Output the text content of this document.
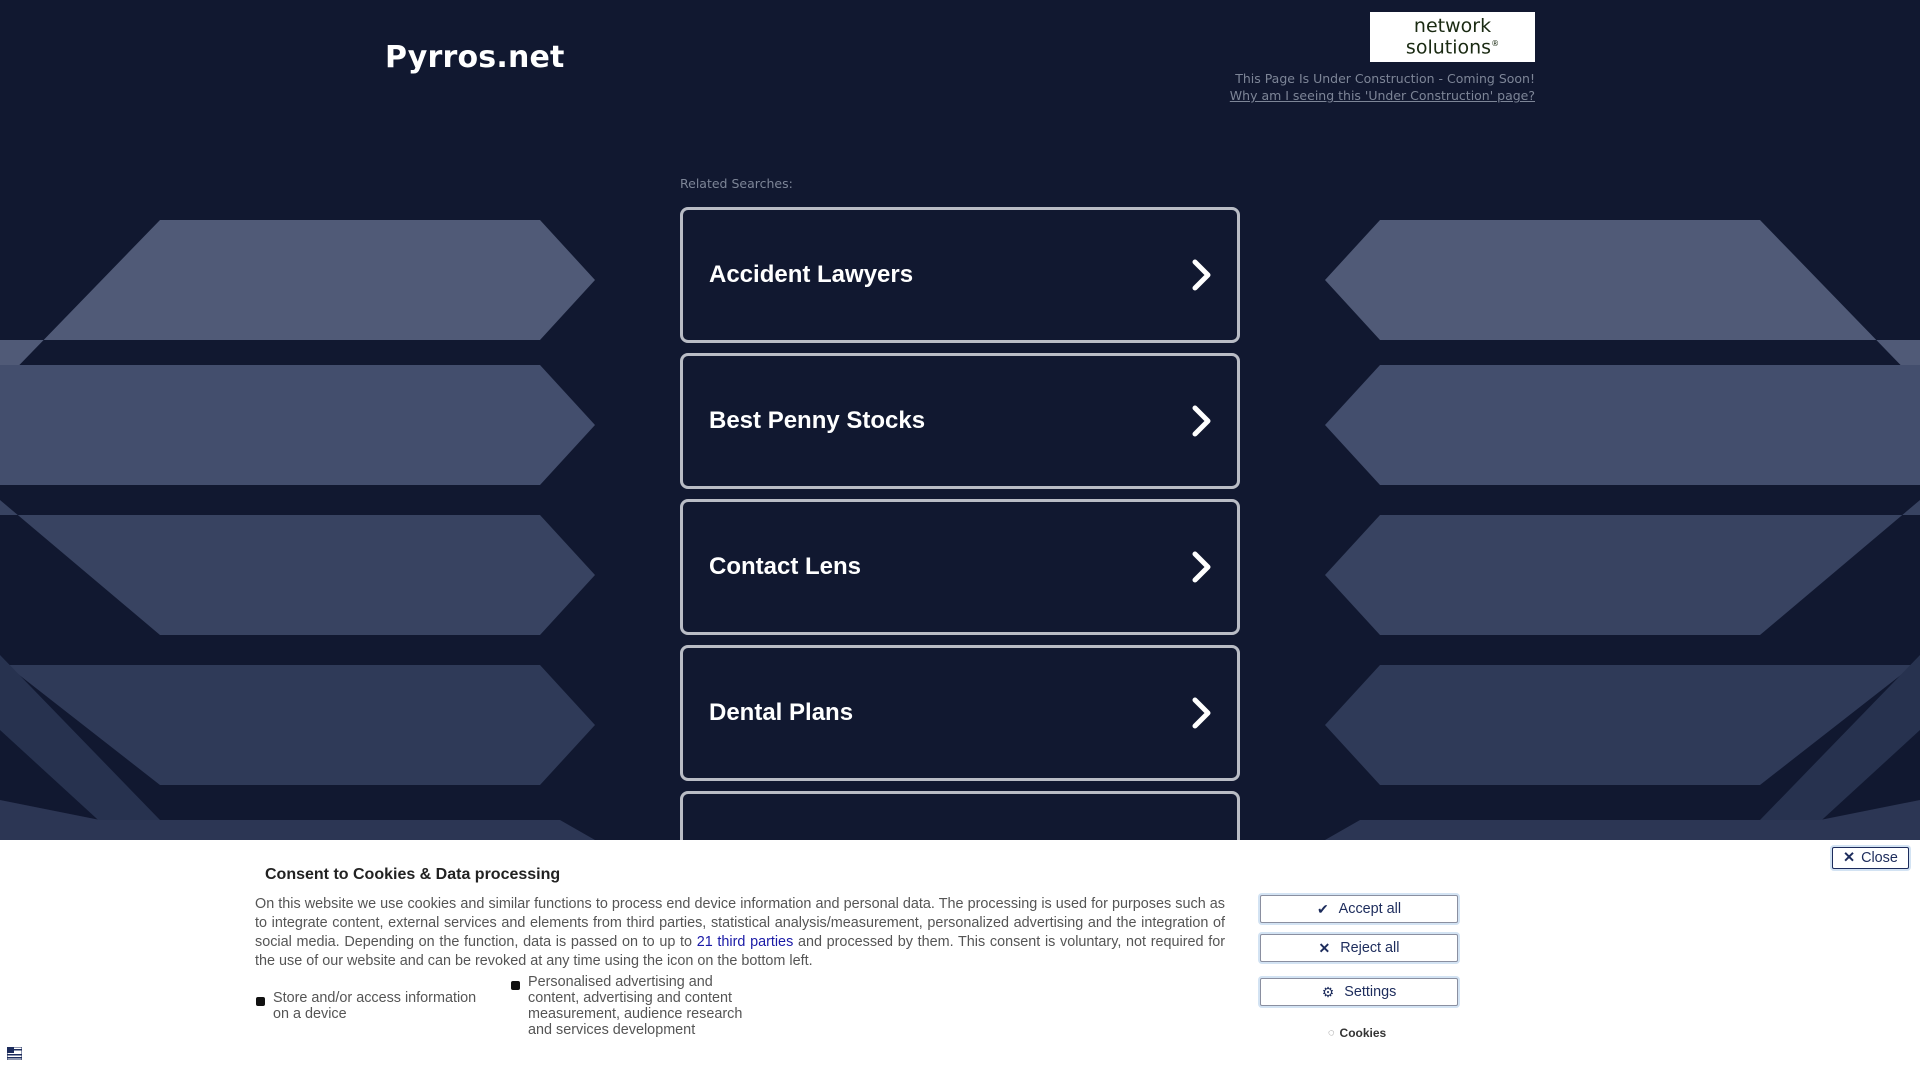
Pyrros.net
network
solutions®
This Page Is Under Construction - Coming Soon!
Why am I seeing this 'Under Construction' page?
Related Searches:
Accident Lawyers
Best Penny Stocks
Contact Lens
Dental Plans
✕ Close
Consent to Cookies & Data processing
On this website we use cookies and similar functions to process end device information and personal data. The processing is used for purposes such as to integrate content, external services and elements from third parties, statistical analysis/measurement, personalized advertising and the integration of social media. Depending on the function, data is passed on to up to 21 third parties and processed by them. This consent is voluntary, not required for the use of our website and can be revoked at any time using the icon on the bottom left.
Store and/or access information on a device
Personalised advertising and content, advertising and content measurement, audience research and services development
✔ Accept all
✕ Reject all
⚙ Settings
◌ Cookies
